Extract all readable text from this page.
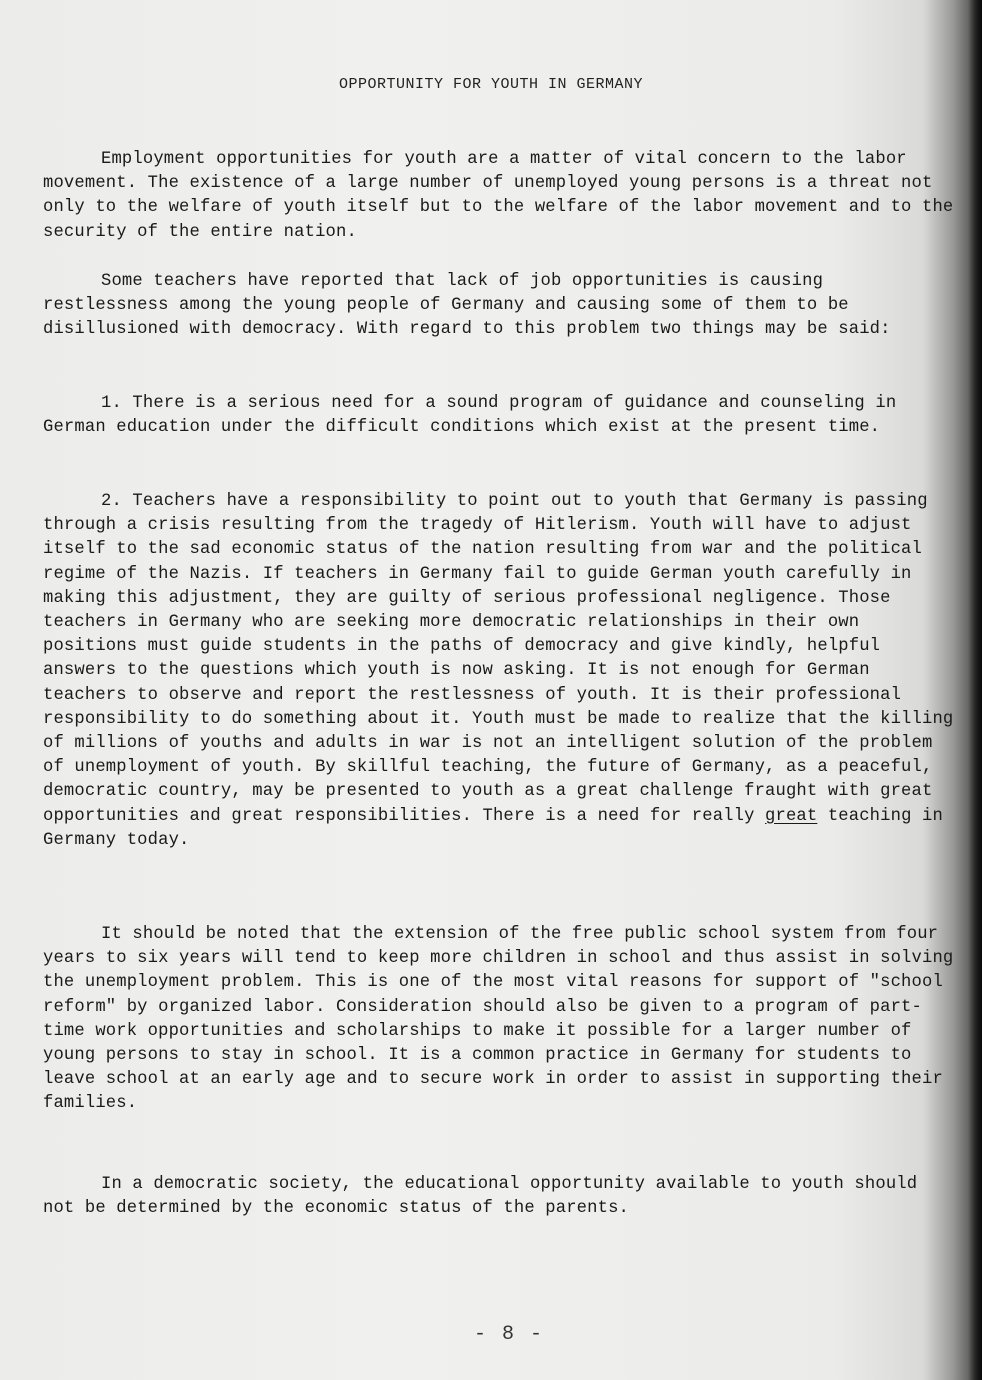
OPPORTUNITY FOR YOUTH IN GERMANY

Employment opportunities for youth are a matter of vital concern to the labor movement. The existence of a large number of unemployed young persons is a threat not only to the welfare of youth itself but to the welfare of the labor movement and to the security of the entire nation.

Some teachers have reported that lack of job opportunities is causing restlessness among the young people of Germany and causing some of them to be disillusioned with democracy. With regard to this problem two things may be said:

1. There is a serious need for a sound program of guidance and counseling in German education under the difficult conditions which exist at the present time.

2. Teachers have a responsibility to point out to youth that Germany is passing through a crisis resulting from the tragedy of Hitlerism. Youth will have to adjust itself to the sad economic status of the nation resulting from war and the political regime of the Nazis. If teachers in Germany fail to guide German youth carefully in making this adjustment, they are guilty of serious professional negligence. Those teachers in Germany who are seeking more democratic relationships in their own positions must guide students in the paths of democracy and give kindly, helpful answers to the questions which youth is now asking. It is not enough for German teachers to observe and report the restlessness of youth. It is their professional responsibility to do something about it. Youth must be made to realize that the killing of millions of youths and adults in war is not an intelligent solution of the problem of unemployment of youth. By skillful teaching, the future of Germany, as a peaceful, democratic country, may be presented to youth as a great challenge fraught with great opportunities and great responsibilities. There is a need for really great teaching in Germany today.

It should be noted that the extension of the free public school system from four years to six years will tend to keep more children in school and thus assist in solving the unemployment problem. This is one of the most vital reasons for support of "school reform" by organized labor. Consideration should also be given to a program of part-time work opportunities and scholarships to make it possible for a larger number of young persons to stay in school. It is a common practice in Germany for students to leave school at an early age and to secure work in order to assist in supporting their families.

In a democratic society, the educational opportunity available to youth should not be determined by the economic status of the parents.

- 8 -
